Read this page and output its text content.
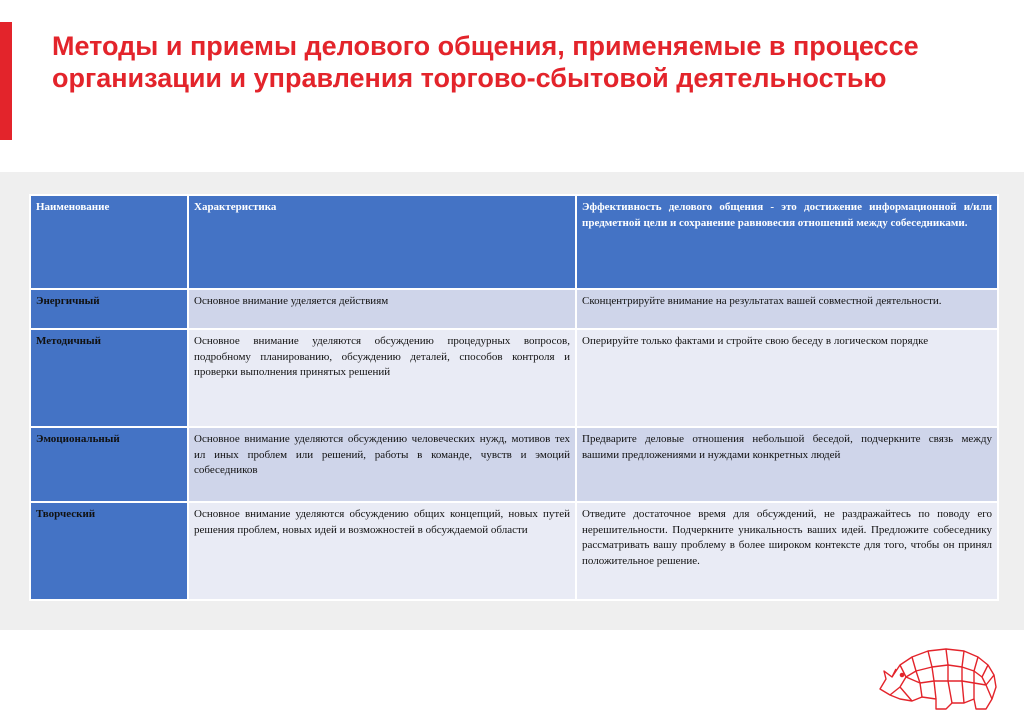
Методы и приемы делового общения, применяемые в процессе организации и управления торгово-сбытовой деятельностью
Наименование	Характеристика	Эффективность делового общения - это достижение информационной и/или предметной цели и сохранение равновесия отношений между собеседниками.
Энергичный	Основное внимание уделяется действиям	Сконцентрируйте внимание на результатах вашей совместной деятельности.
Методичный	Основное внимание уделяются обсуждению процедурных вопросов, подробному планированию, обсуждению деталей, способов контроля и проверки выполнения принятых решений	Оперируйте только фактами и стройте свою беседу в логическом порядке
Эмоциональный	Основное внимание уделяются обсуждению человеческих нужд, мотивов тех ил иных проблем или решений, работы в команде, чувств и эмоций собеседников	Предварите деловые отношения небольшой беседой, подчеркните связь между вашими предложениями и нуждами конкретных людей
Творческий	Основное внимание уделяются обсуждению общих концепций, новых путей решения проблем, новых идей и возможностей в обсуждаемой области	Отведите достаточное время для обсуждений, не раздражайтесь по поводу его нерешительности. Подчеркните уникальность ваших идей. Предложите собеседнику рассматривать вашу проблему в более широком контексте для того, чтобы он принял положительное решение.
